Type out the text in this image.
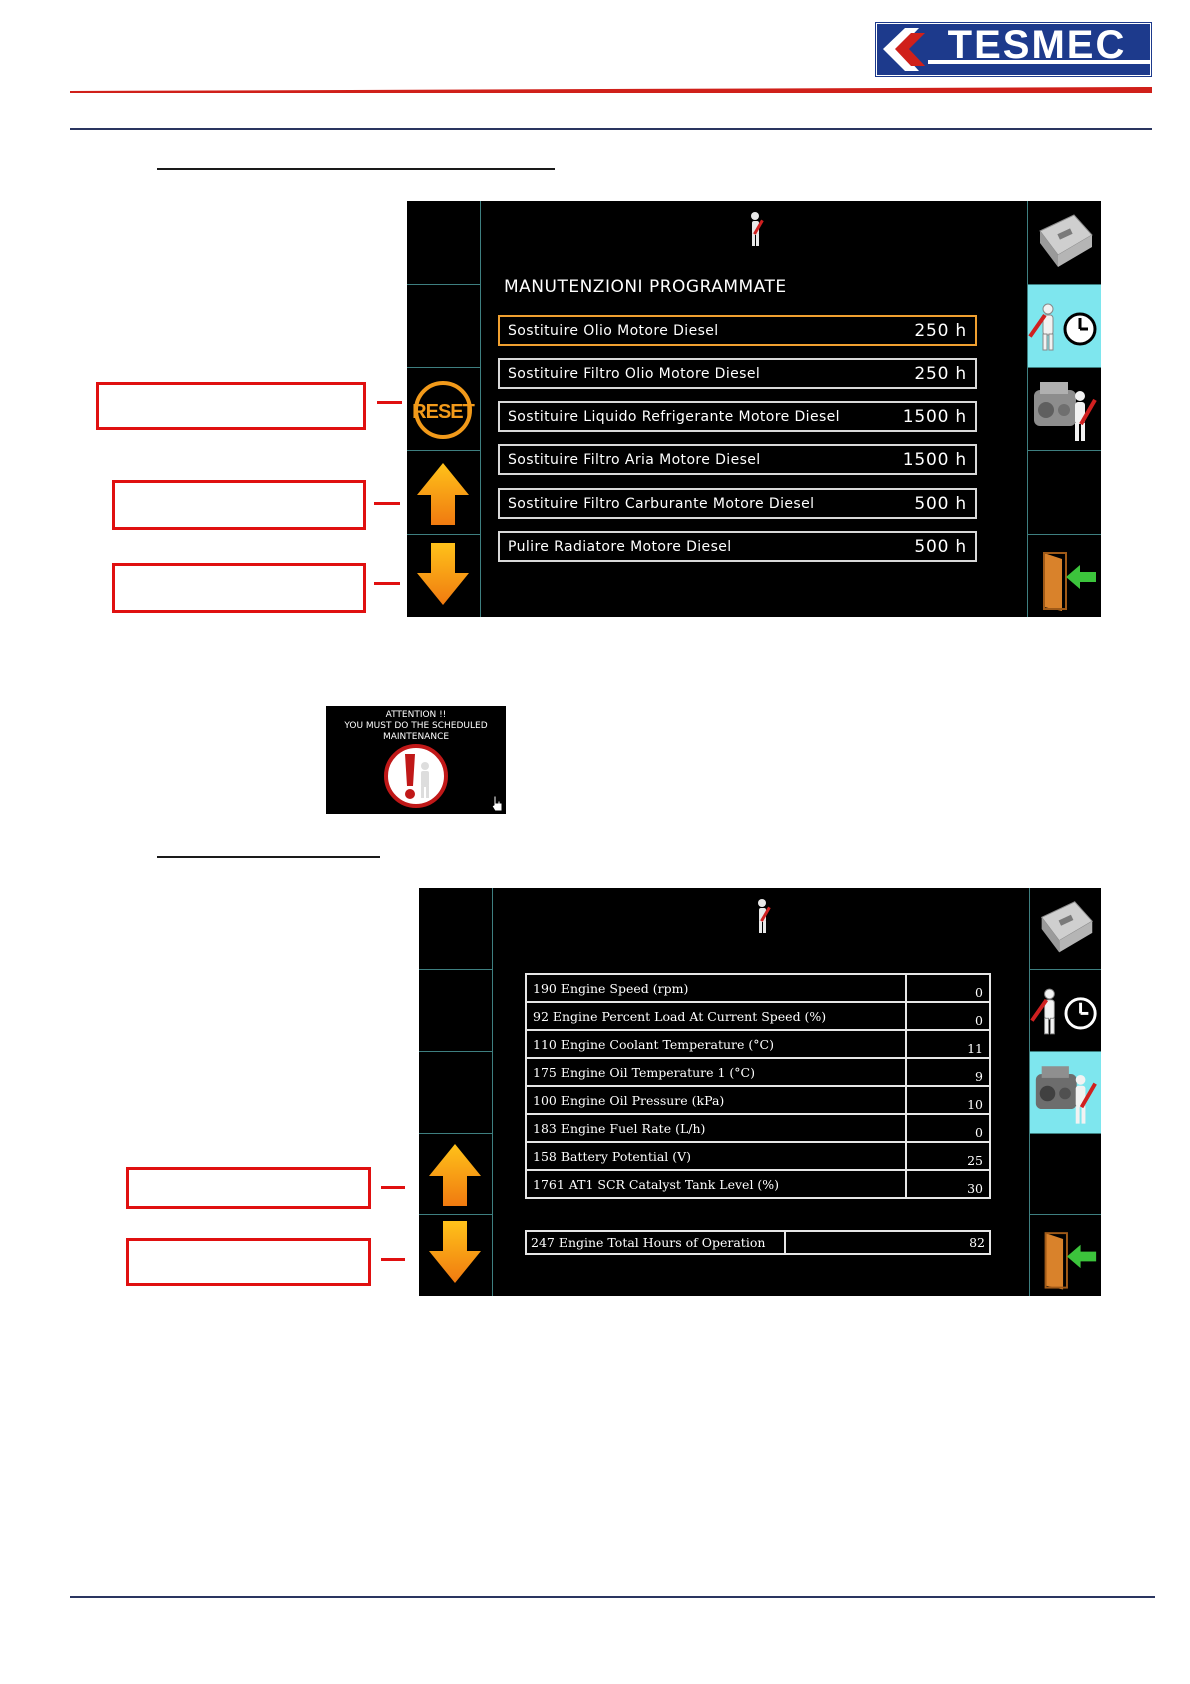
TESMEC
RESET
MANUTENZIONI PROGRAMMATE
Sostituire Olio Motore Diesel	250 h
Sostituire Filtro Olio Motore Diesel	250 h
Sostituire Liquido Refrigerante Motore Diesel	1500 h
Sostituire Filtro Aria Motore Diesel	1500 h
Sostituire Filtro Carburante Motore Diesel	500 h
Pulire Radiatore Motore Diesel	500 h
ATTENTION !!
YOU MUST DO THE SCHEDULED
MAINTENANCE
190 Engine Speed (rpm)	0
92 Engine Percent Load At Current Speed (%)	0
110 Engine Coolant Temperature (°C)	11
175 Engine Oil Temperature 1 (°C)	9
100 Engine Oil Pressure (kPa)	10
183 Engine Fuel Rate (L/h)	0
158 Battery Potential (V)	25
1761 AT1 SCR Catalyst Tank Level (%)	30
247 Engine Total Hours of Operation	82
